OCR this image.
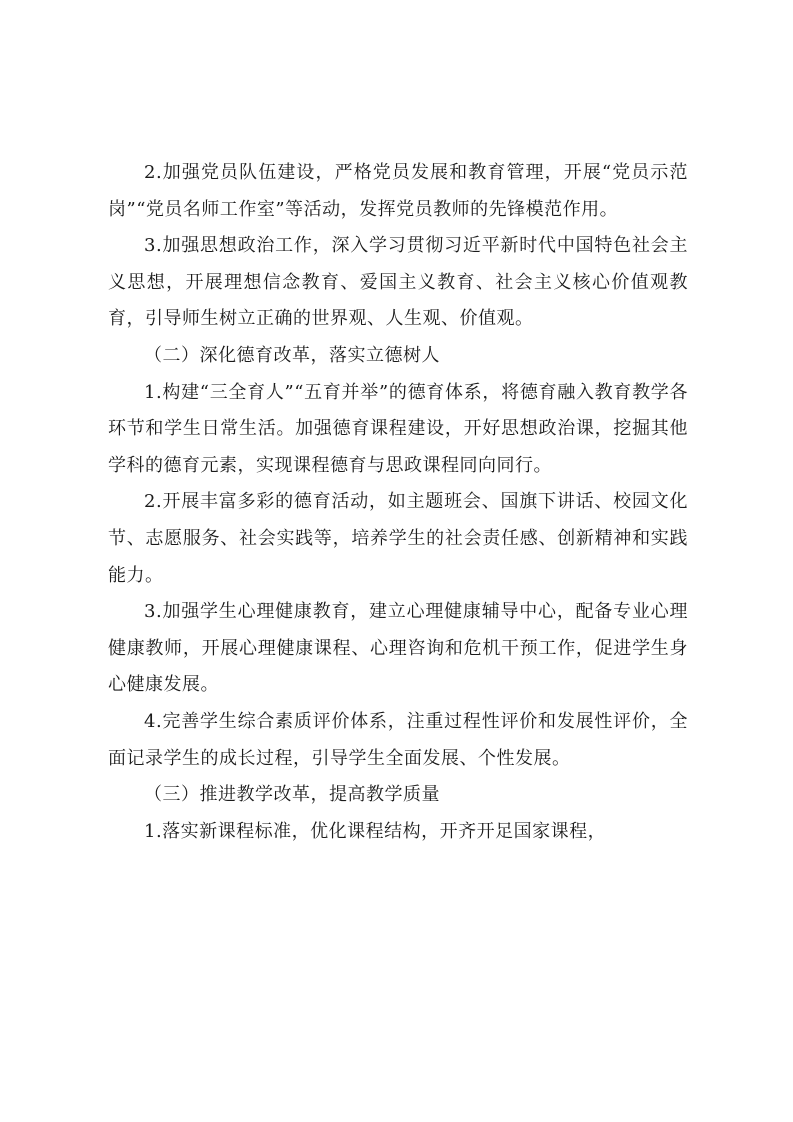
2.加强党员队伍建设，严格党员发展和教育管理，开展“党员示范岗”“党员名师工作室”等活动，发挥党员教师的先锋模范作用。

3.加强思想政治工作，深入学习贯彻习近平新时代中国特色社会主义思想，开展理想信念教育、爱国主义教育、社会主义核心价值观教育，引导师生树立正确的世界观、人生观、价值观。

（二）深化德育改革，落实立德树人

1.构建“三全育人”“五育并举”的德育体系，将德育融入教育教学各环节和学生日常生活。加强德育课程建设，开好思想政治课，挖掘其他学科的德育元素，实现课程德育与思政课程同向同行。

2.开展丰富多彩的德育活动，如主题班会、国旗下讲话、校园文化节、志愿服务、社会实践等，培养学生的社会责任感、创新精神和实践能力。

3.加强学生心理健康教育，建立心理健康辅导中心，配备专业心理健康教师，开展心理健康课程、心理咨询和危机干预工作，促进学生身心健康发展。

4.完善学生综合素质评价体系，注重过程性评价和发展性评价，全面记录学生的成长过程，引导学生全面发展、个性发展。

（三）推进教学改革，提高教学质量

1.落实新课程标准，优化课程结构，开齐开足国家课程，
